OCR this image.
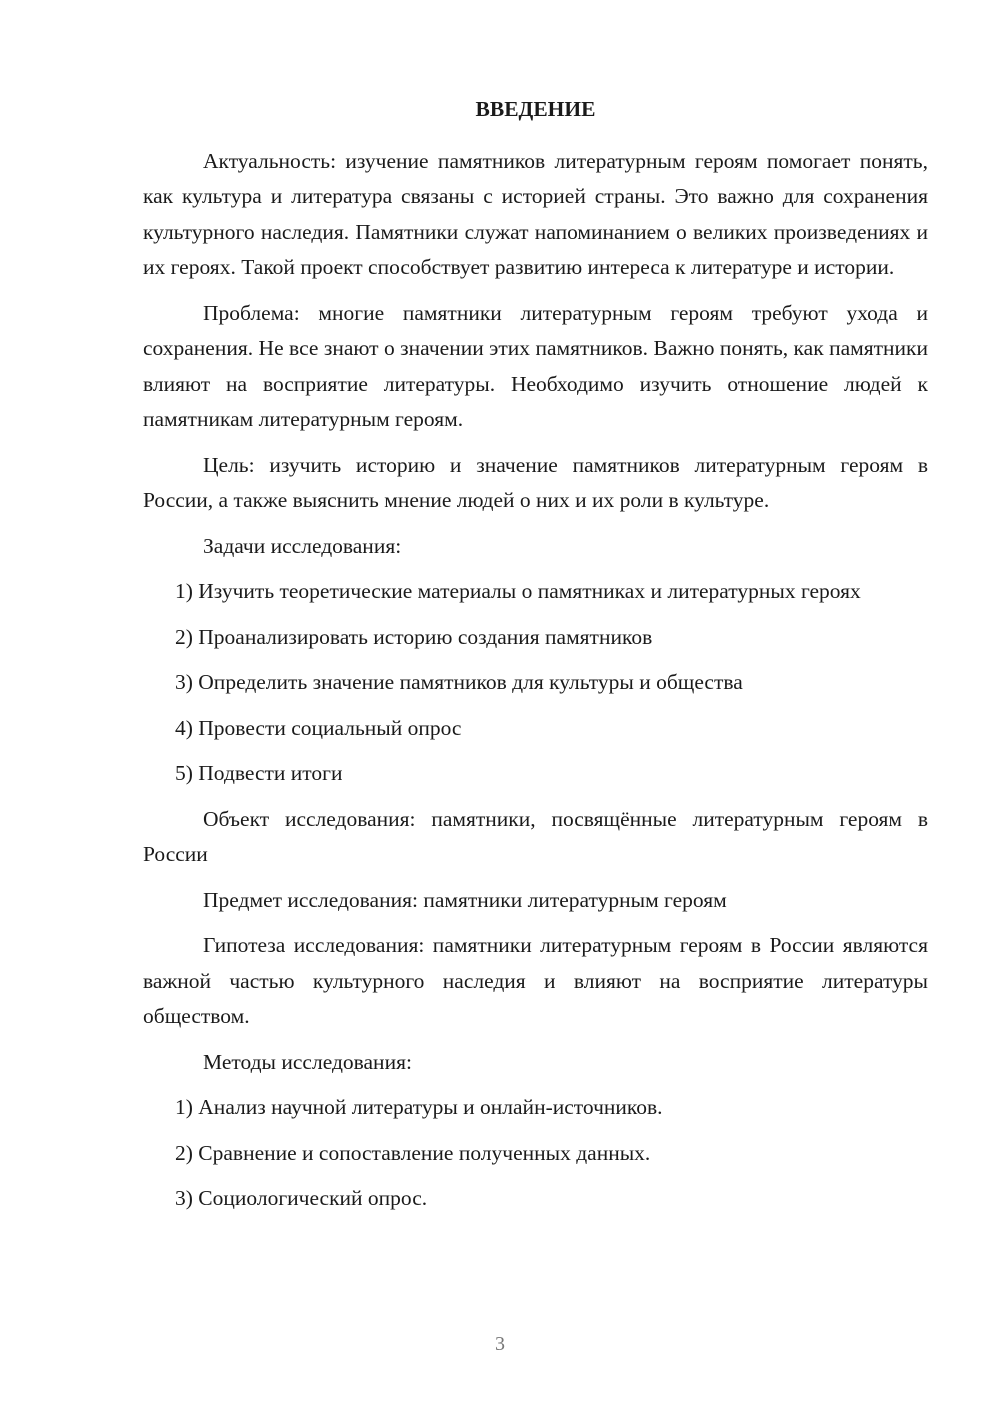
ВВЕДЕНИЕ

Актуальность: изучение памятников литературным героям помогает понять, как культура и литература связаны с историей страны. Это важно для сохранения культурного наследия. Памятники служат напоминанием о великих произведениях и их героях. Такой проект способствует развитию интереса к литературе и истории.

Проблема: многие памятники литературным героям требуют ухода и сохранения. Не все знают о значении этих памятников. Важно понять, как памятники влияют на восприятие литературы. Необходимо изучить отношение людей к памятникам литературным героям.

Цель: изучить историю и значение памятников литературным героям в России, а также выяснить мнение людей о них и их роли в культуре.

Задачи исследования:

1) Изучить теоретические материалы о памятниках и литературных героях

2) Проанализировать историю создания памятников

3) Определить значение памятников для культуры и общества

4) Провести социальный опрос

5) Подвести итоги

Объект исследования: памятники, посвящённые литературным героям в России

Предмет исследования: памятники литературным героям

Гипотеза исследования: памятники литературным героям в России являются важной частью культурного наследия и влияют на восприятие литературы обществом.

Методы исследования:

1) Анализ научной литературы и онлайн-источников.

2) Сравнение и сопоставление полученных данных.

3) Социологический опрос.

3
